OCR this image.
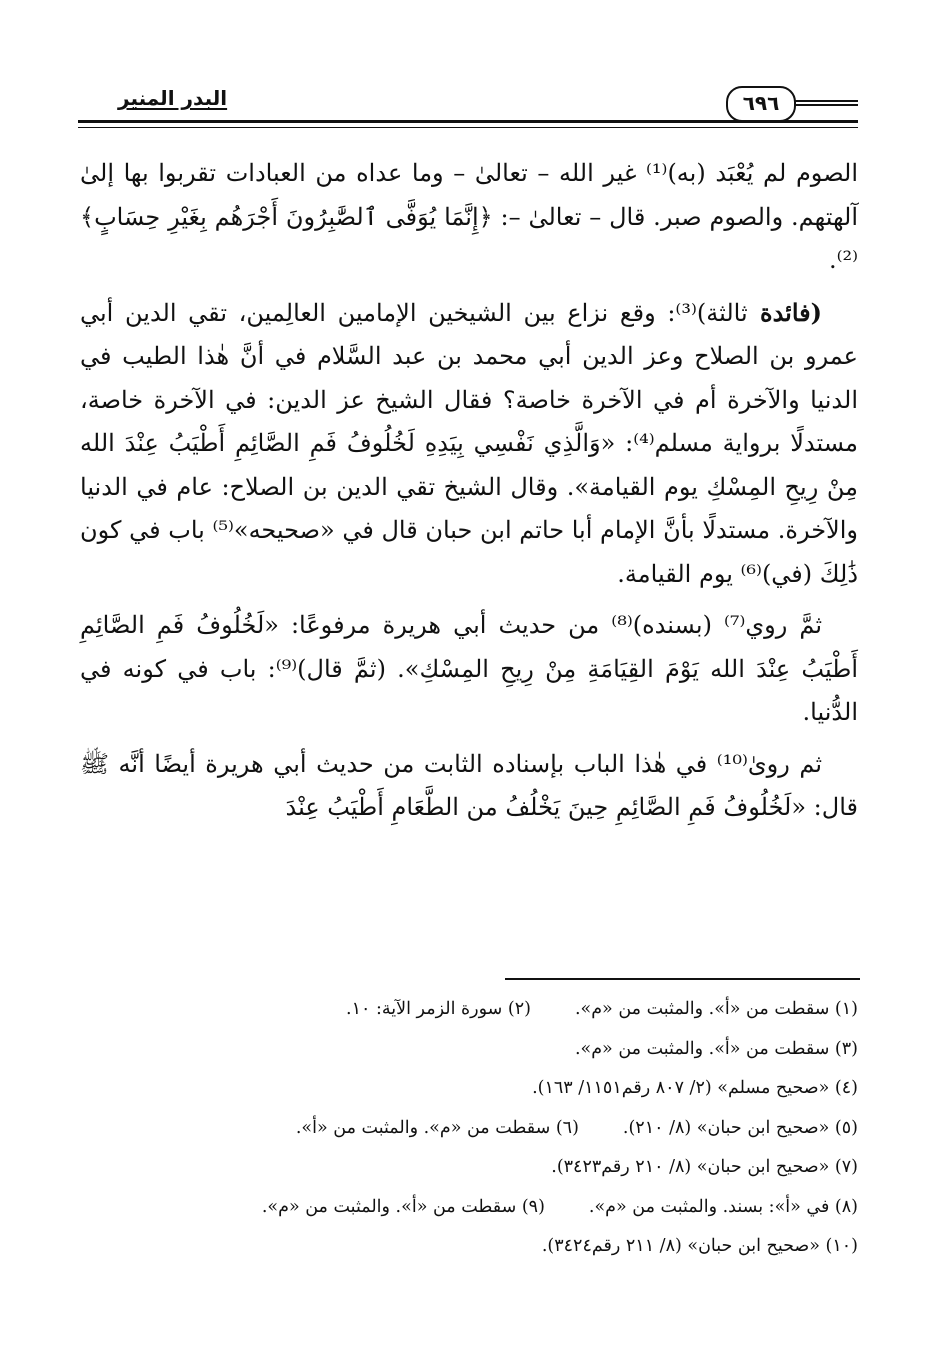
البدر المنير	٦٩٦

الصوم لم يُعْبَد (به)⁽¹⁾ غير الله – تعالىٰ – وما عداه من العبادات تقربوا بها إلىٰ آلهتهم. والصوم صبر. قال – تعالىٰ –: ﴿إِنَّمَا يُوَفَّى ٱلصَّٰبِرُونَ أَجْرَهُم بِغَيْرِ حِسَابٍ﴾⁽²⁾.

(فائدة ثالثة)⁽³⁾: وقع نزاع بين الشيخين الإمامين العالِمين، تقي الدين أبي عمرو بن الصلاح وعز الدين أبي محمد بن عبد السَّلام في أنَّ هٰذا الطيب في الدنيا والآخرة أم في الآخرة خاصة؟ فقال الشيخ عز الدين: في الآخرة خاصة، مستدلًا برواية مسلم⁽⁴⁾: «وَالَّذِي نَفْسِي بِيَدِهِ لَخُلُوفُ فَمِ الصَّائِمِ أَطْيَبُ عِنْدَ الله مِنْ رِيحِ المِسْكِ يوم القيامة». وقال الشيخ تقي الدين بن الصلاح: عام في الدنيا والآخرة. مستدلًا بأنَّ الإمام أبا حاتم ابن حبان قال في «صحيحه»⁽⁵⁾ باب في كون ذَٰلِكَ (في)⁽⁶⁾ يوم القيامة.

ثمَّ روي⁽⁷⁾ (بسنده)⁽⁸⁾ من حديث أبي هريرة مرفوعًا: «لَخُلُوفُ فَمِ الصَّائِمِ أَطْيَبُ عِنْدَ الله يَوْمَ القِيَامَةِ مِنْ رِيحِ المِسْكِ». (ثمَّ قال)⁽⁹⁾: باب في كونه في الدُّنيا.

ثم روىٰ⁽¹⁰⁾ في هٰذا الباب بإسناده الثابت من حديث أبي هريرة أيضًا أنَّه ﷺ قال: «لَخُلُوفُ فَمِ الصَّائِمِ حِينَ يَخْلُفُ من الطَّعَامِ أَطْيَبُ عِنْدَ

(١) سقطت من «أ». والمثبت من «م».(٢) سورة الزمر الآية: ١٠.
(٣) سقطت من «أ». والمثبت من «م».
(٤) «صحيح مسلم» (٢/ ٨٠٧ رقم١١٥١/ ١٦٣).
(٥) «صحيح ابن حبان» (٨/ ٢١٠).(٦) سقطت من «م». والمثبت من «أ».
(٧) «صحيح ابن حبان» (٨/ ٢١٠ رقم٣٤٢٣).
(٨) في «أ»: بسند. والمثبت من «م».(٩) سقطت من «أ». والمثبت من «م».
(١٠) «صحيح ابن حبان» (٨/ ٢١١ رقم٣٤٢٤).
